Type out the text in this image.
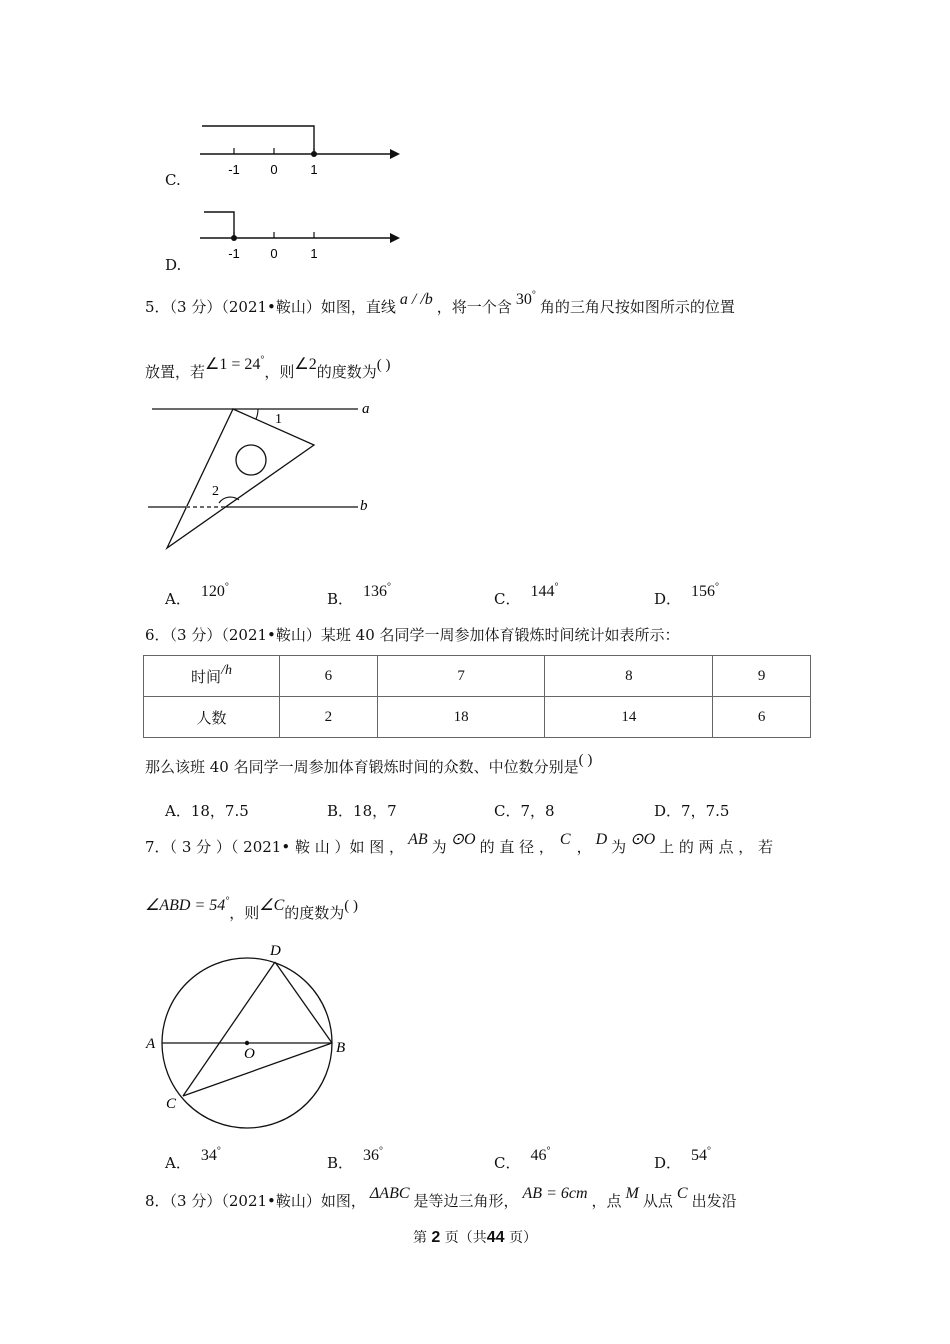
-1 0	1
C.
-1 0	1
D.
5．（3 分）（2021•鞍山）如图，直线 a / /b ，将一个含 30°角的三角尺按如图所示的位置
放置，若∠1 = 24°，则∠2的度数为( )
a
b
1
2
A． 120°
B． 136°
C． 144°
D． 156°
6．（3 分）（2021•鞍山）某班 40 名同学一周参加体育锻炼时间统计如表所示：
时间/h	6	7	8	9
人数	2	18	14	6
那么该班 40 名同学一周参加体育锻炼时间的众数、中位数分别是( )
A．18，7.5	B．18，7	C．7，8	D．7，7.5
7．（ 3 分 ）（ 2021• 鞍 山 ）如 图 ， AB 为 ⊙O 的 直 径 ， C ， D 为 ⊙O 上 的 两 点 ， 若
∠ABD = 54°，则∠C的度数为( )
A	B
C
D
O
A． 34°
B． 36°
C． 46°
D． 54°
8．（3 分）（2021•鞍山）如图， ΔABC 是等边三角形， AB = 6cm ，点 M 从点 C 出发沿
第 2 页（共44 页）
